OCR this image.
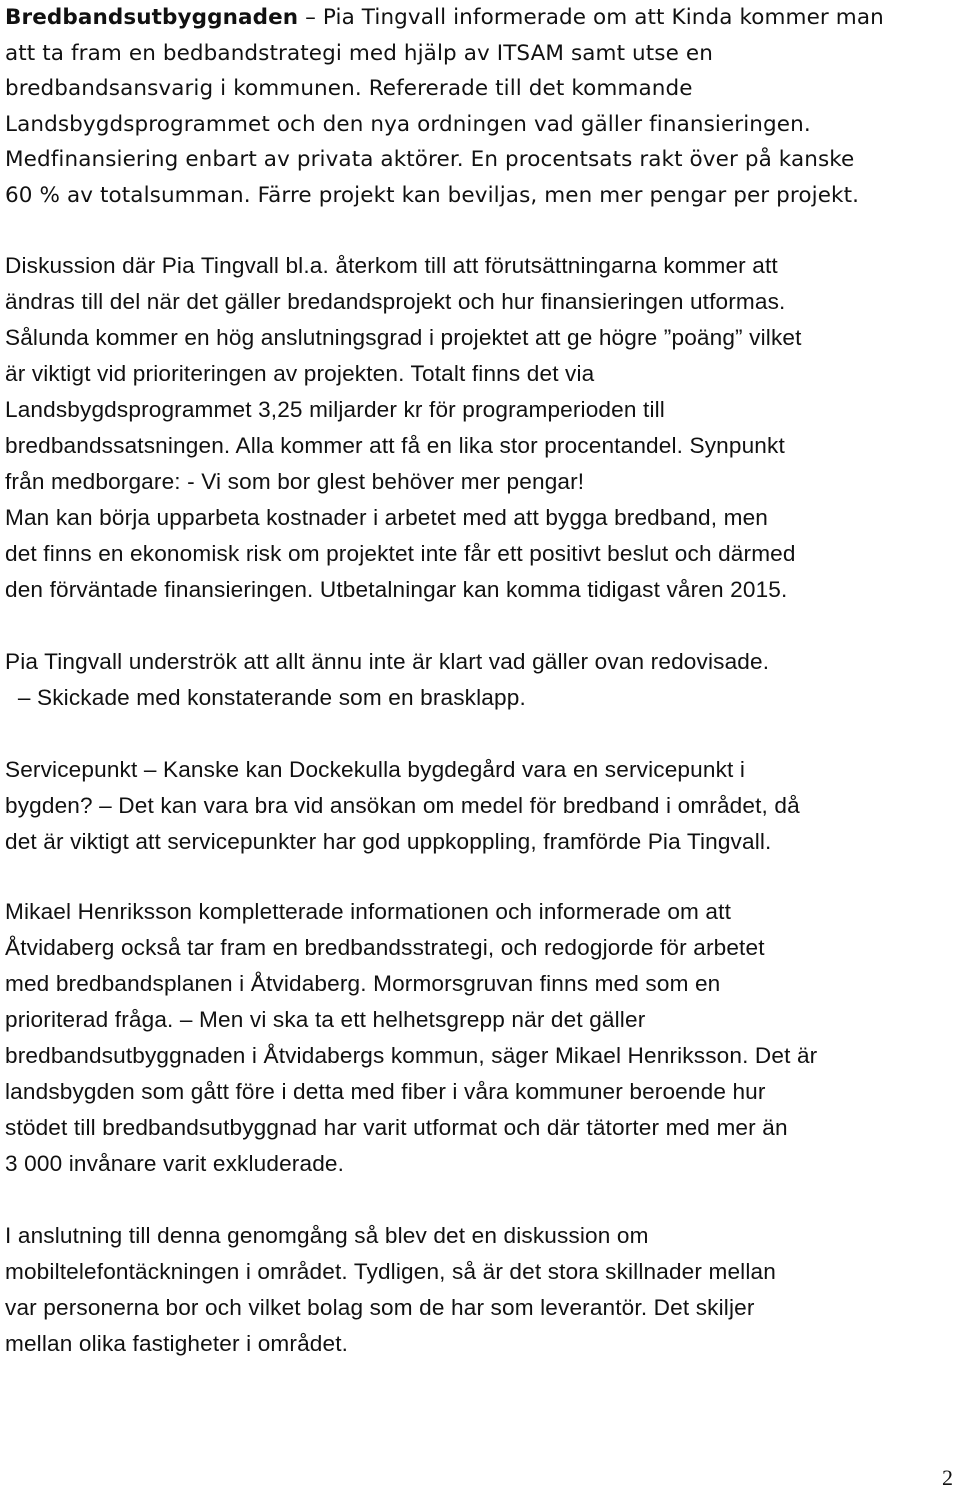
Bredbandsutbyggnaden – Pia Tingvall informerade om att Kinda kommer man
att ta fram en bedbandstrategi med hjälp av ITSAM samt utse en
bredbandsansvarig i kommunen. Refererade till det kommande
Landsbygdsprogrammet och den nya ordningen vad gäller finansieringen.
Medfinansiering enbart av privata aktörer. En procentsats rakt över på kanske
60 % av totalsumman. Färre projekt kan beviljas, men mer pengar per projekt.
Diskussion där Pia Tingvall bl.a. återkom till att förutsättningarna kommer att
ändras till del när det gäller bredandsprojekt och hur finansieringen utformas.
Sålunda kommer en hög anslutningsgrad i projektet att ge högre ”poäng” vilket
är viktigt vid prioriteringen av projekten. Totalt finns det via
Landsbygdsprogrammet 3,25 miljarder kr för programperioden till
bredbandssatsningen. Alla kommer att få en lika stor procentandel. Synpunkt
från medborgare: - Vi som bor glest behöver mer pengar!
Man kan börja upparbeta kostnader i arbetet med att bygga bredband, men
det finns en ekonomisk risk om projektet inte får ett positivt beslut och därmed
den förväntade finansieringen. Utbetalningar kan komma tidigast våren 2015.
Pia Tingvall underströk att allt ännu inte är klart vad gäller ovan redovisade.
– Skickade med konstaterande som en brasklapp.
Servicepunkt – Kanske kan Dockekulla bygdegård vara en servicepunkt i
bygden? – Det kan vara bra vid ansökan om medel för bredband i området, då
det är viktigt att servicepunkter har god uppkoppling, framförde Pia Tingvall.
Mikael Henriksson kompletterade informationen och informerade om att
Åtvidaberg också tar fram en bredbandsstrategi, och redogjorde för arbetet
med bredbandsplanen i Åtvidaberg. Mormorsgruvan finns med som en
prioriterad fråga. – Men vi ska ta ett helhetsgrepp när det gäller
bredbandsutbyggnaden i Åtvidabergs kommun, säger Mikael Henriksson. Det är
landsbygden som gått före i detta med fiber i våra kommuner beroende hur
stödet till bredbandsutbyggnad har varit utformat och där tätorter med mer än
3 000 invånare varit exkluderade.
I anslutning till denna genomgång så blev det en diskussion om
mobiltelefontäckningen i området. Tydligen, så är det stora skillnader mellan
var personerna bor och vilket bolag som de har som leverantör. Det skiljer
mellan olika fastigheter i området.
2
